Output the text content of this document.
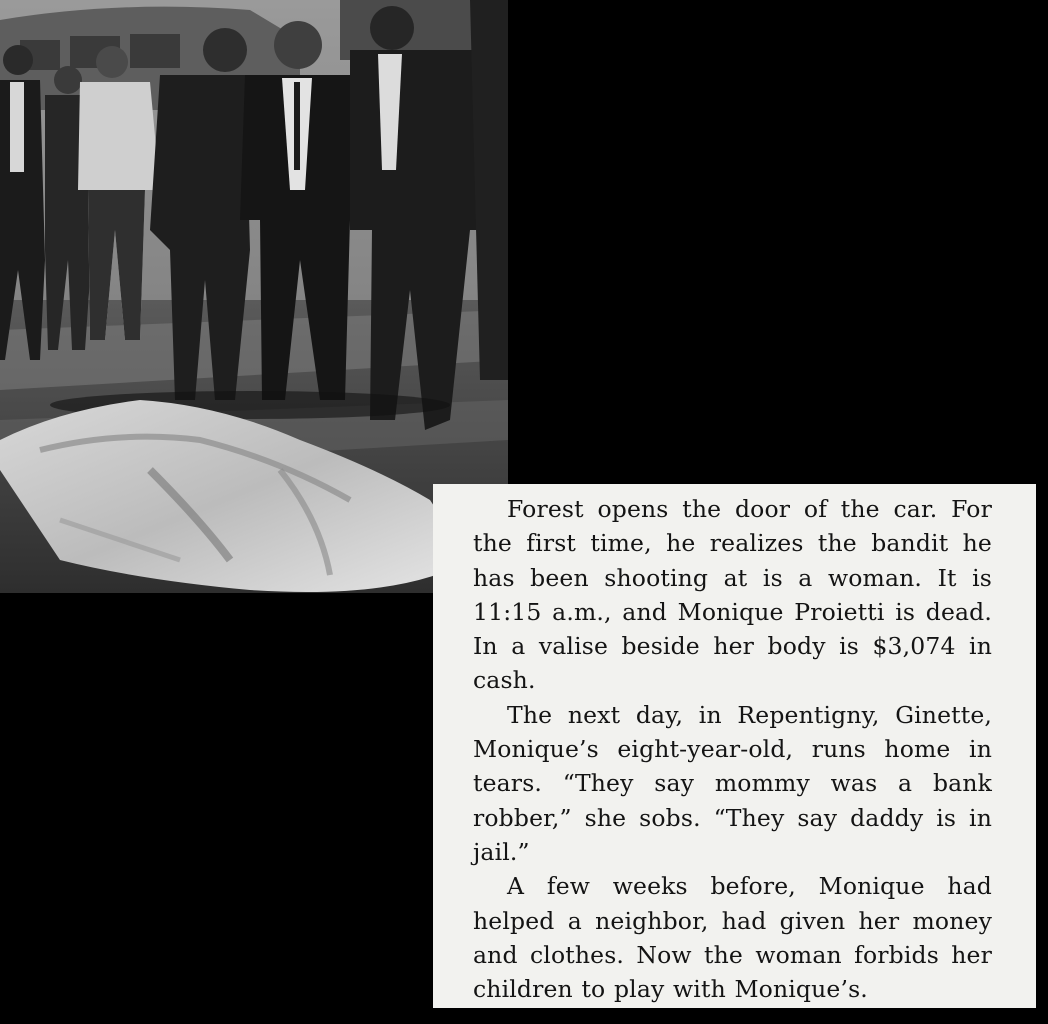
Forest opens the door of the car. For the first time, he realizes the bandit he has been shooting at is a woman. It is 11:15 a.m., and Monique Proietti is dead. In a valise beside her body is $3,074 in cash.

The next day, in Repentigny, Ginette, Monique’s eight-year-old, runs home in tears. “They say mommy was a bank robber,” she sobs. “They say daddy is in jail.”

A few weeks before, Monique had helped a neighbor, had given her money and clothes. Now the woman forbids her children to play with Monique’s.
